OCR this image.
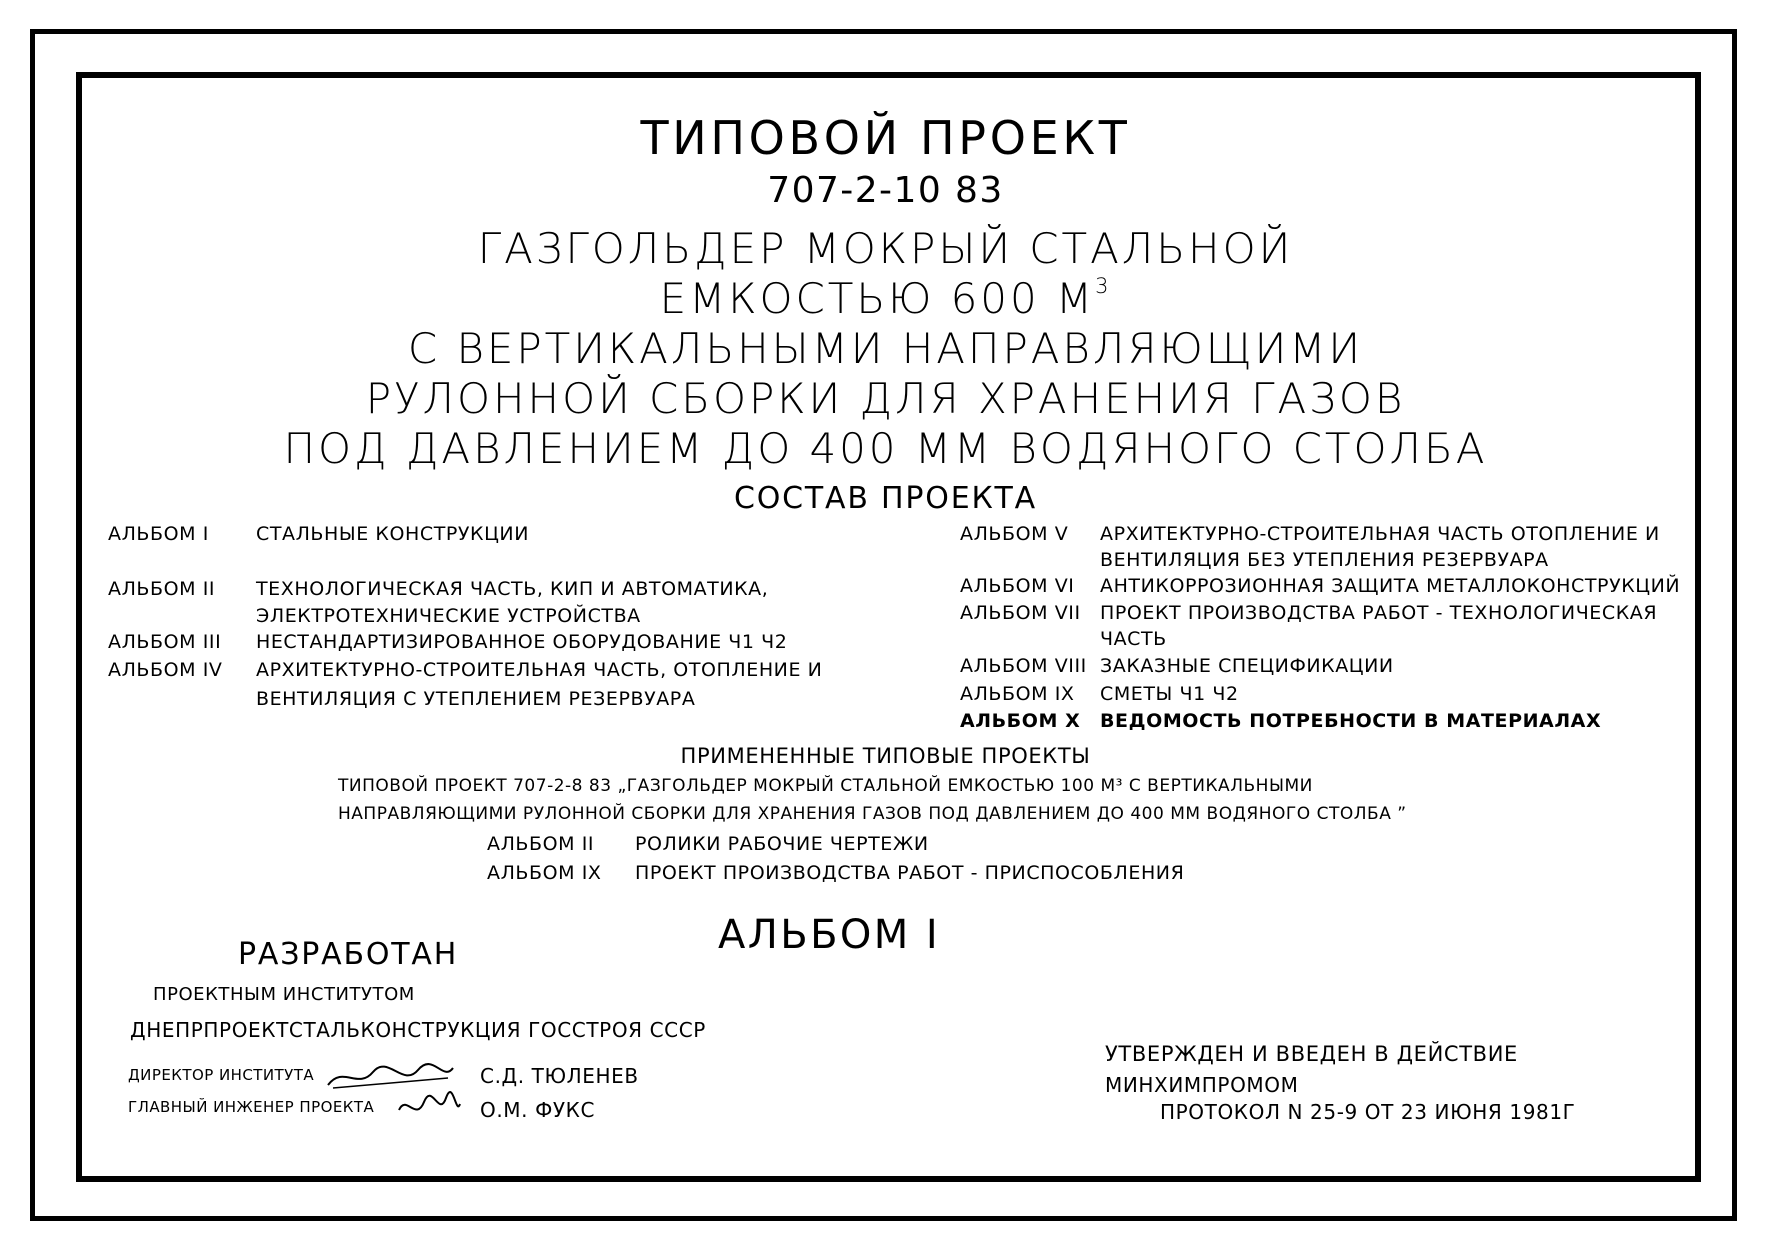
ТИПОВОЙ ПРОЕКТ
707-2-10 83
ГАЗГОЛЬДЕР МОКРЫЙ СТАЛЬНОЙ
ЕМКОСТЬЮ 600 $М^3$
С ВЕРТИКАЛЬНЫМИ НАПРАВЛЯЮЩИМИ
РУЛОННОЙ СБОРКИ ДЛЯ ХРАНЕНИЯ ГАЗОВ
ПОД ДАВЛЕНИЕМ ДО 400 ММ ВОДЯНОГО СТОЛБА
СОСТАВ ПРОЕКТА
АЛЬБОМ I СТАЛЬНЫЕ КОНСТРУКЦИИ
АЛЬБОМ II ТЕХНОЛОГИЧЕСКАЯ ЧАСТЬ, КИП И АВТОМАТИКА,
ЭЛЕКТРОТЕХНИЧЕСКИЕ УСТРОЙСТВА
АЛЬБОМ III НЕСТАНДАРТИЗИРОВАННОЕ ОБОРУДОВАНИЕ Ч1 Ч2
АЛЬБОМ IV АРХИТЕКТУРНО-СТРОИТЕЛЬНАЯ ЧАСТЬ, ОТОПЛЕНИЕ И
ВЕНТИЛЯЦИЯ С УТЕПЛЕНИЕМ РЕЗЕРВУАРА
АЛЬБОМ V АРХИТЕКТУРНО-СТРОИТЕЛЬНАЯ ЧАСТЬ ОТОПЛЕНИЕ И
ВЕНТИЛЯЦИЯ БЕЗ УТЕПЛЕНИЯ РЕЗЕРВУАРА
АЛЬБОМ VI АНТИКОРРОЗИОННАЯ ЗАЩИТА МЕТАЛЛОКОНСТРУКЦИЙ
АЛЬБОМ VII ПРОЕКТ ПРОИЗВОДСТВА РАБОТ - ТЕХНОЛОГИЧЕСКАЯ
ЧАСТЬ
АЛЬБОМ VIII ЗАКАЗНЫЕ СПЕЦИФИКАЦИИ
АЛЬБОМ IX СМЕТЫ Ч1 Ч2
АЛЬБОМ X ВЕДОМОСТЬ ПОТРЕБНОСТИ В МАТЕРИАЛАХ
ПРИМЕНЕННЫЕ ТИПОВЫЕ ПРОЕКТЫ
ТИПОВОЙ ПРОЕКТ 707-2-8 83 „ГАЗГОЛЬДЕР МОКРЫЙ СТАЛЬНОЙ ЕМКОСТЬЮ 100 М³ С ВЕРТИКАЛЬНЫМИ
НАПРАВЛЯЮЩИМИ РУЛОННОЙ СБОРКИ ДЛЯ ХРАНЕНИЯ ГАЗОВ ПОД ДАВЛЕНИЕМ ДО 400 ММ ВОДЯНОГО СТОЛБА ”
АЛЬБОМ II РОЛИКИ РАБОЧИЕ ЧЕРТЕЖИ
АЛЬБОМ IX ПРОЕКТ ПРОИЗВОДСТВА РАБОТ - ПРИСПОСОБЛЕНИЯ
АЛЬБОМ I
РАЗРАБОТАН
ПРОЕКТНЫМ ИНСТИТУТОМ
ДНЕПРПРОЕКТСТАЛЬКОНСТРУКЦИЯ ГОССТРОЯ СССР
ДИРЕКТОР ИНСТИТУТА	С.Д. ТЮЛЕНЕВ
ГЛАВНЫЙ ИНЖЕНЕР ПРОЕКТА	О.М. ФУКС
УТВЕРЖДЕН И ВВЕДЕН В ДЕЙСТВИЕ
МИНХИМПРОМОМ
ПРОТОКОЛ N 25-9 ОТ 23 ИЮНЯ 1981Г
